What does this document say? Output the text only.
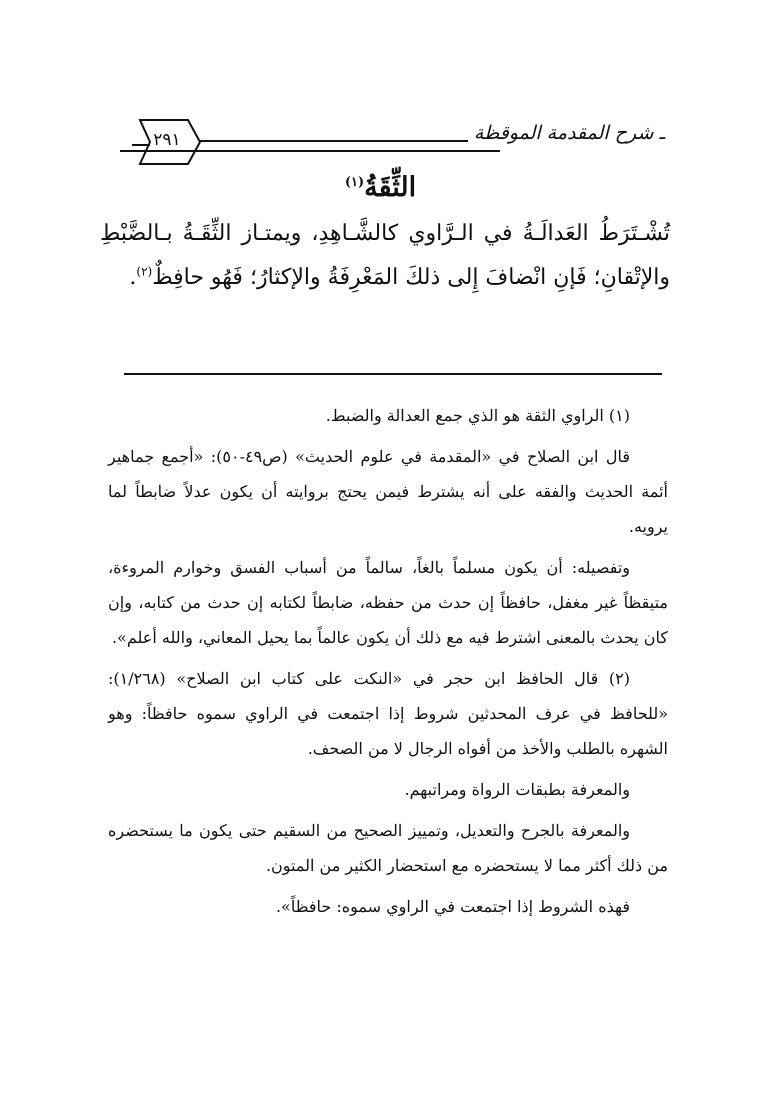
ـ شرح المقدمة الموقظة
٢٩١
الثِّقَةُ$^{(١)}$
تُشْـتَرَطُ العَدالَـةُ في الـرَّاوي كالشَّـاهِدِ، ويمتـاز الثِّقَـةُ بـالضَّبْطِ والإتْقانِ؛ فَإنِ انْضافَ إِلى ذلكَ المَعْرِفَةُ والإكثارُ؛ فَهُو حافِظٌ$^{(٢)}$.

(١) الراوي الثقة هو الذي جمع العدالة والضبط.

قال ابن الصلاح في «المقدمة في علوم الحديث» (ص٤٩-٥٠): «أجمع جماهير أئمة الحديث والفقه على أنه يشترط فيمن يحتج بروايته أن يكون عدلاً ضابطاً لما يرويه.

وتفصيله: أن يكون مسلماً بالغاً، سالماً من أسباب الفسق وخوارم المروءة، متيقظاً غير مغفل، حافظاً إن حدث من حفظه، ضابطاً لكتابه إن حدث من كتابه، وإن كان يحدث بالمعنى اشترط فيه مع ذلك أن يكون عالماً بما يحيل المعاني، والله أعلم».

(٢) قال الحافظ ابن حجر في «النكت على كتاب ابن الصلاح» (١/٢٦٨): «للحافظ في عرف المحدثين شروط إذا اجتمعت في الراوي سموه حافظاً: وهو الشهره بالطلب والأخذ من أفواه الرجال لا من الصحف.

والمعرفة بطبقات الرواة ومراتبهم.

والمعرفة بالجرح والتعديل، وتمييز الصحيح من السقيم حتى يكون ما يستحضره من ذلك أكثر مما لا يستحضره مع استحضار الكثير من المتون.

فهذه الشروط إذا اجتمعت في الراوي سموه: حافظاً».
